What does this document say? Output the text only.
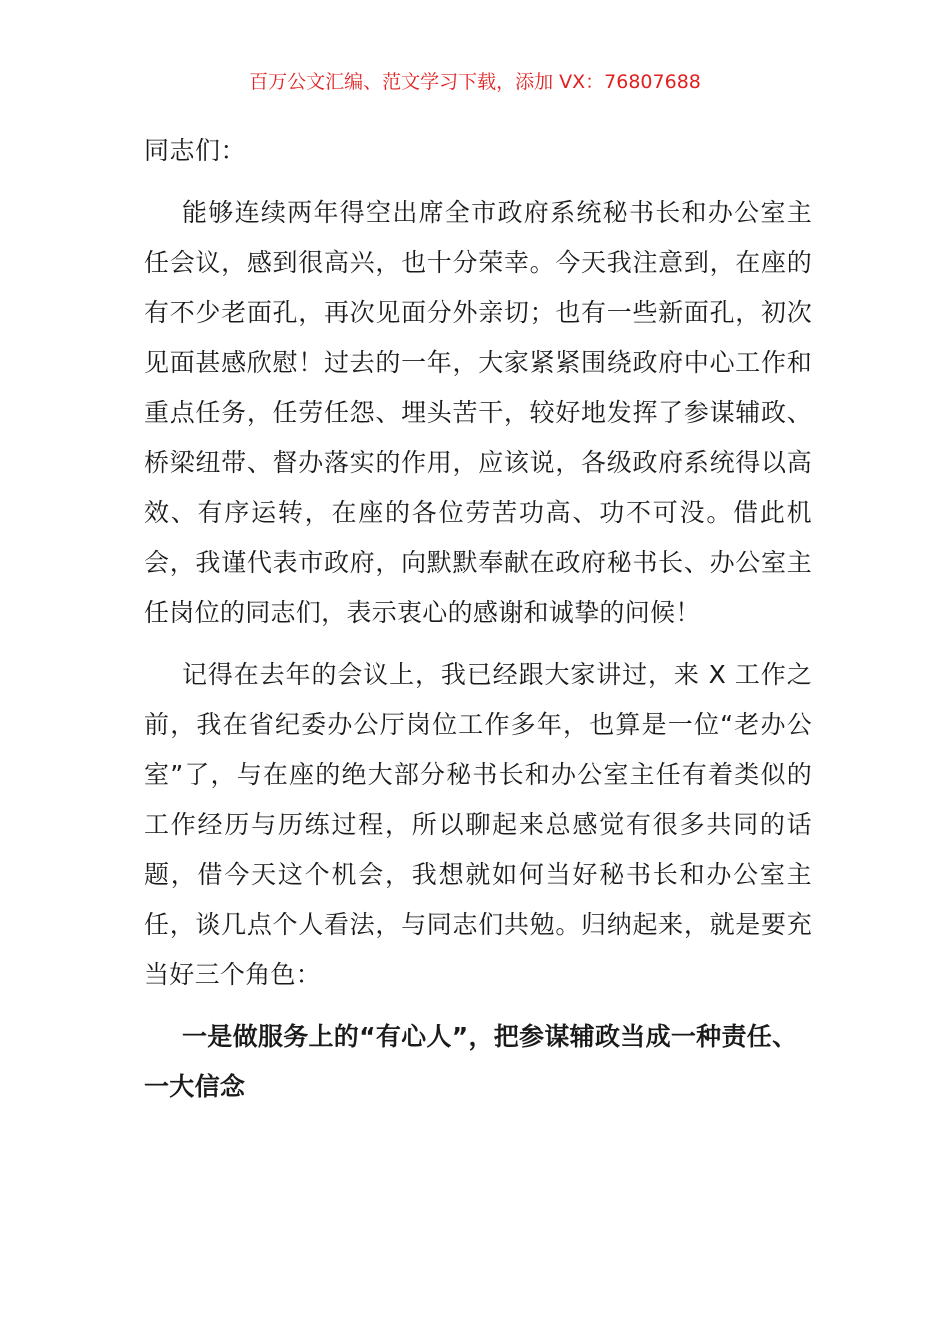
百万公文汇编、范文学习下载，添加 VX：76807688

同志们：

能够连续两年得空出席全市政府系统秘书长和办公室主任会议，感到很高兴，也十分荣幸。今天我注意到，在座的有不少老面孔，再次见面分外亲切；也有一些新面孔，初次见面甚感欣慰！过去的一年，大家紧紧围绕政府中心工作和重点任务，任劳任怨、埋头苦干，较好地发挥了参谋辅政、桥梁纽带、督办落实的作用，应该说，各级政府系统得以高效、有序运转，在座的各位劳苦功高、功不可没。借此机会，我谨代表市政府，向默默奉献在政府秘书长、办公室主任岗位的同志们，表示衷心的感谢和诚挚的问候！

记得在去年的会议上，我已经跟大家讲过，来 X 工作之前，我在省纪委办公厅岗位工作多年，也算是一位“老办公室”了，与在座的绝大部分秘书长和办公室主任有着类似的工作经历与历练过程，所以聊起来总感觉有很多共同的话题，借今天这个机会，我想就如何当好秘书长和办公室主任，谈几点个人看法，与同志们共勉。归纳起来，就是要充当好三个角色：

一是做服务上的“有心人”，把参谋辅政当成一种责任、一大信念
